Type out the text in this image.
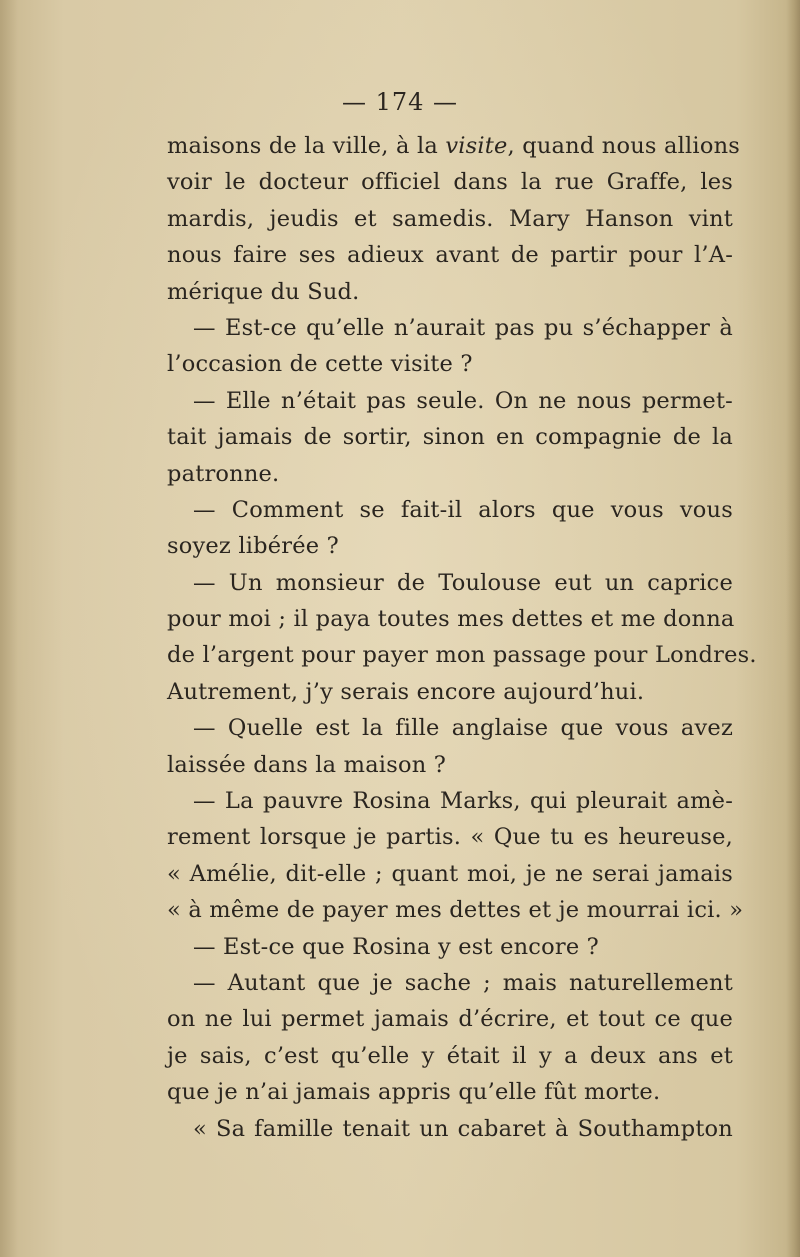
— 174 —
maisons de la ville, à la visite, quand nous allions
voir le docteur officiel dans la rue Graffe, les
mardis, jeudis et samedis. Mary Hanson vint
nous faire ses adieux avant de partir pour l’A-
mérique du Sud.
— Est-ce qu’elle n’aurait pas pu s’échapper à
l’occasion de cette visite ?
— Elle n’était pas seule. On ne nous permet-
tait jamais de sortir, sinon en compagnie de la
patronne.
— Comment se fait-il alors que vous vous
soyez libérée ?
— Un monsieur de Toulouse eut un caprice
pour moi ; il paya toutes mes dettes et me donna
de l’argent pour payer mon passage pour Londres.
Autrement, j’y serais encore aujourd’hui.
— Quelle est la fille anglaise que vous avez
laissée dans la maison ?
— La pauvre Rosina Marks, qui pleurait amè-
rement lorsque je partis. « Que tu es heureuse,
« Amélie, dit-elle ; quant moi, je ne serai jamais
« à même de payer mes dettes et je mourrai ici. »
— Est-ce que Rosina y est encore ?
— Autant que je sache ; mais naturellement
on ne lui permet jamais d’écrire, et tout ce que
je sais, c’est qu’elle y était il y a deux ans et
que je n’ai jamais appris qu’elle fût morte.
« Sa famille tenait un cabaret à Southampton
